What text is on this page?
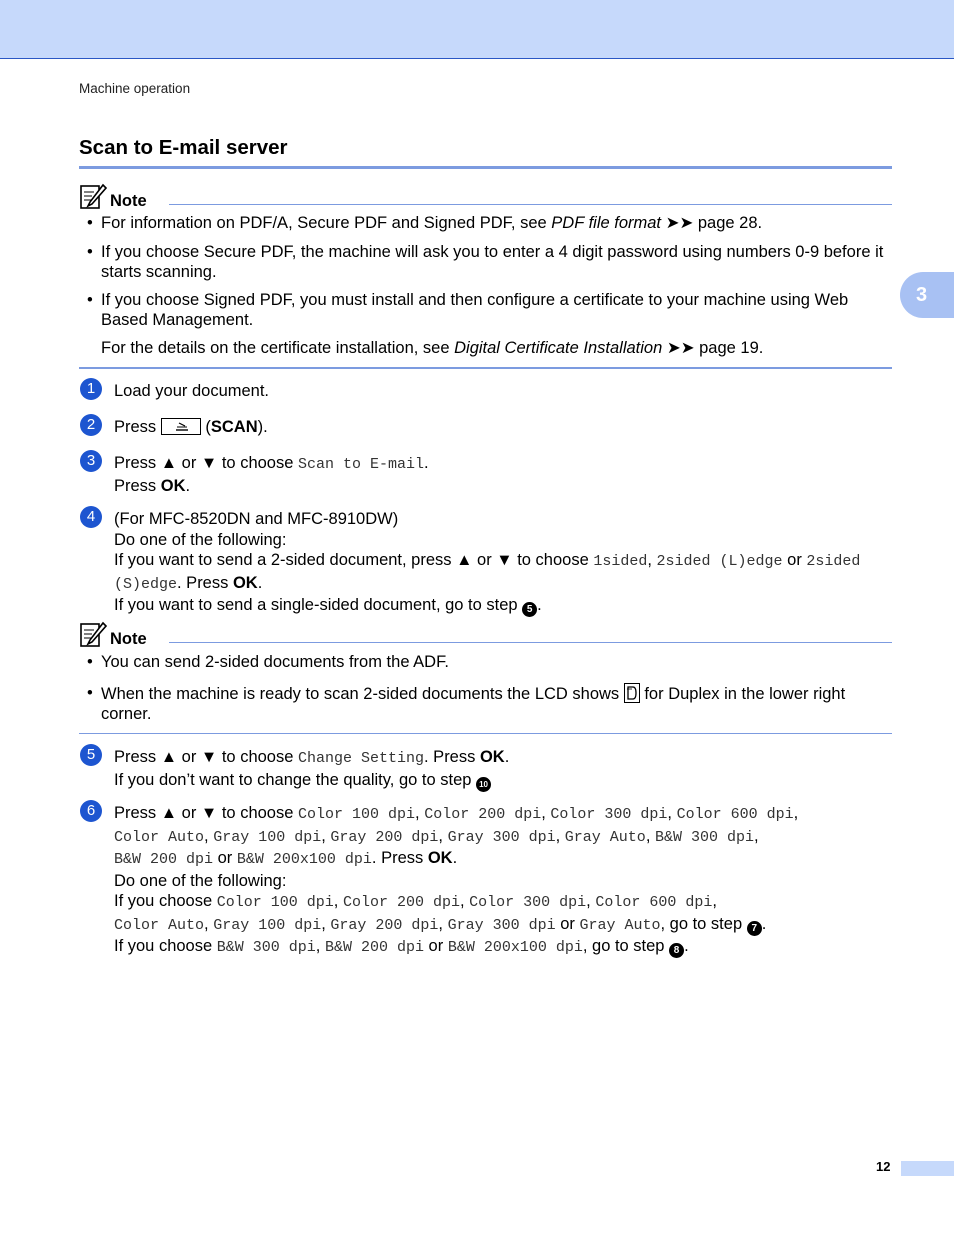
Machine operation
3
Scan to E-mail server
Note
• For information on PDF/A, Secure PDF and Signed PDF, see PDF file format ➤➤ page 28.
• If you choose Secure PDF, the machine will ask you to enter a 4 digit password using numbers 0-9 before it starts scanning.
• If you choose Signed PDF, you must install and then configure a certificate to your machine using Web Based Management.
For the details on the certificate installation, see Digital Certificate Installation ➤➤ page 19.
1	Load your document.
2	Press
(SCAN).
3	Press ▲ or ▼ to choose Scan to E-mail.
Press OK.
4	(For MFC-8520DN and MFC-8910DW)
Do one of the following:
If you want to send a 2-sided document, press ▲ or ▼ to choose 1sided, 2sided (L)edge or 2sided (S)edge. Press OK.
If you want to send a single-sided document, go to step 5 .
Note
• You can send 2-sided documents from the ADF.
• When the machine is ready to scan 2-sided documents the LCD shows
for Duplex in the lower right corner.
5	Press ▲ or ▼ to choose Change Setting. Press OK.
If you don’t want to change the quality, go to step 10
6	Press ▲ or ▼ to choose Color 100 dpi, Color 200 dpi, Color 300 dpi, Color 600 dpi,
Color Auto, Gray 100 dpi, Gray 200 dpi, Gray 300 dpi, Gray Auto, B&W 300 dpi,
B&W 200 dpi or B&W 200x100 dpi. Press OK.
Do one of the following:
If you choose Color 100 dpi, Color 200 dpi, Color 300 dpi, Color 600 dpi,
Color Auto, Gray 100 dpi, Gray 200 dpi, Gray 300 dpi or Gray Auto, go to step 7 .
If you choose B&W 300 dpi, B&W 200 dpi or B&W 200x100 dpi, go to step 8 .
12
